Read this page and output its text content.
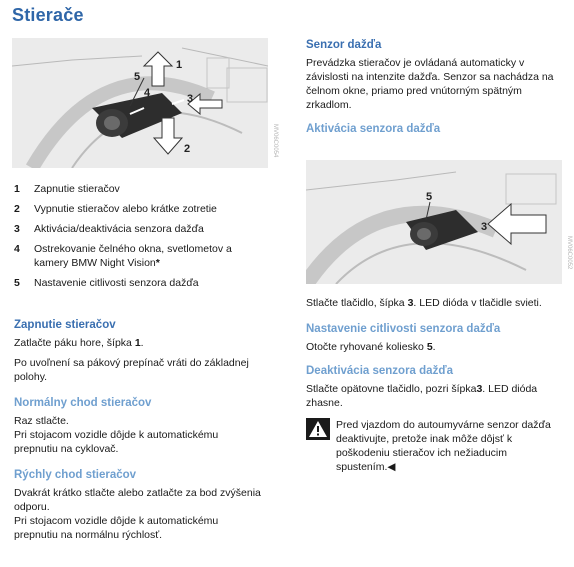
Stierače
5
4	3
1
2	MV06C0054
1	Zapnutie stieračov
2	Vypnutie stieračov alebo krátke zotretie
3	Aktivácia/deaktivácia senzora dažďa
4	Ostrekovanie čelného okna, svetlometov a kamery BMW Night Vision*
5	Nastavenie citlivosti senzora dažďa
Zapnutie stieračov

Zatlačte páku hore, šípka 1.

Po uvoľnení sa pákový prepínač vráti do základnej polohy.

Normálny chod stieračov

Raz stlačte.

Pri stojacom vozidle dôjde k automatickému prepnutiu na cyklovač.

Rýchly chod stieračov

Dvakrát krátko stlačte alebo zatlačte za bod zvýšenia odporu.

Pri stojacom vozidle dôjde k automatickému prepnutiu na normálnu rýchlosť.

Senzor dažďa

Prevádzka stieračov je ovládaná automaticky v závislosti na intenzite dažďa. Senzor sa nachádza na čelnom okne, priamo pred vnútorným spätným zrkadlom.

Aktivácia senzora dažďa
5
3

Stlačte tlačidlo, šípka 3. LED dióda v tlačidle svieti.

Nastavenie citlivosti senzora dažďa

Otočte ryhované koliesko 5.

Deaktivácia senzora dažďa

Stlačte opätovne tlačidlo, pozri šípka3. LED dióda zhasne.

Pred vjazdom do autoumyvárne senzor dažďa deaktivujte, pretože inak môže dôjsť k poškodeniu stieračov ich nežiaducim spustením.◀

MV06C0052
